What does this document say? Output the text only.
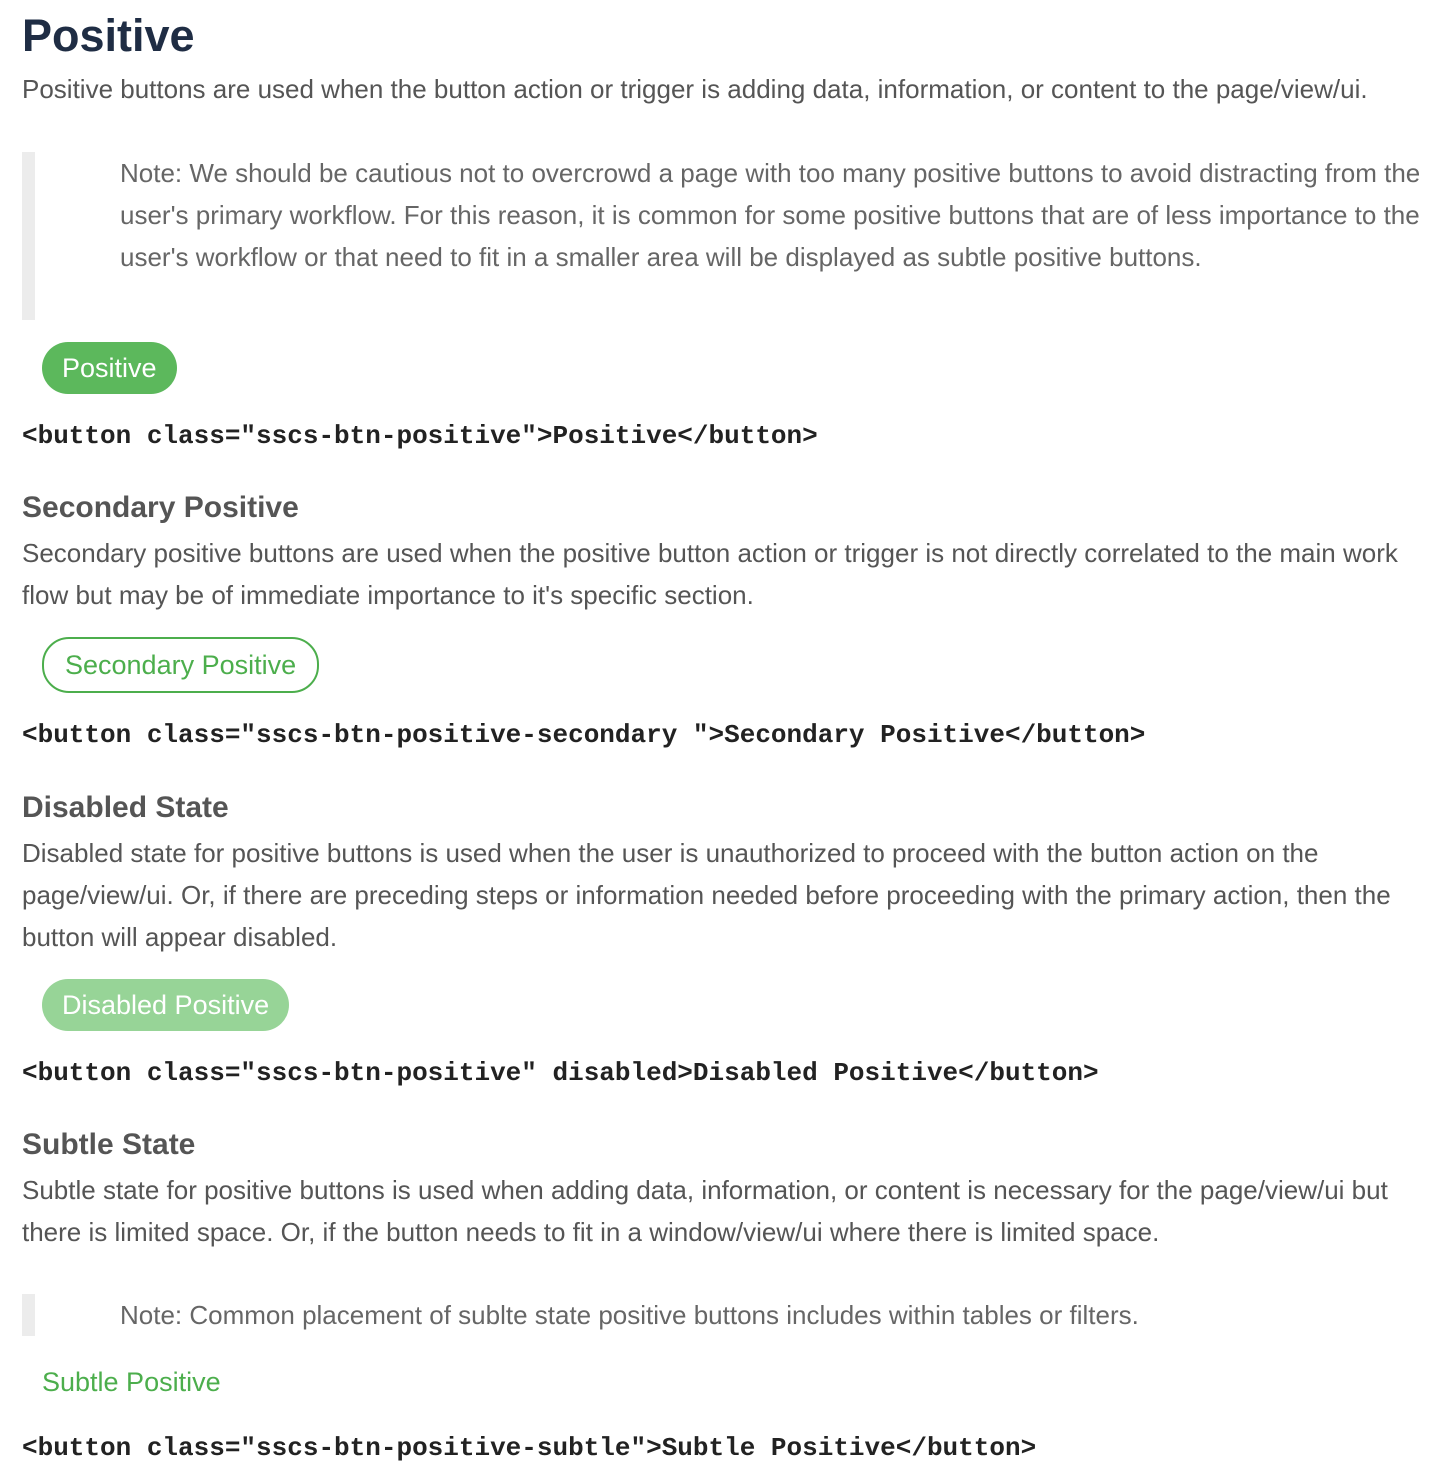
Positive

Positive buttons are used when the button action or trigger is adding data, information, or content to the page/view/ui.

Note: We should be cautious not to overcrowd a page with too many positive buttons to avoid distracting from the user's primary workflow. For this reason, it is common for some positive buttons that are of less importance to the user's workflow or that need to fit in a smaller area will be displayed as subtle positive buttons.
Positive
<button class="sscs-btn-positive">Positive</button>
Secondary Positive

Secondary positive buttons are used when the positive button action or trigger is not directly correlated to the main work flow but may be of immediate importance to it's specific section.

Secondary Positive
<button class="sscs-btn-positive-secondary ">Secondary Positive</button>
Disabled State

Disabled state for positive buttons is used when the user is unauthorized to proceed with the button action on the page/view/ui. Or, if there are preceding steps or information needed before proceeding with the primary action, then the button will appear disabled.

Disabled Positive
<button class="sscs-btn-positive" disabled>Disabled Positive</button>
Subtle State

Subtle state for positive buttons is used when adding data, information, or content is necessary for the page/view/ui but there is limited space. Or, if the button needs to fit in a window/view/ui where there is limited space.

Note: Common placement of sublte state positive buttons includes within tables or filters.
Subtle Positive
<button class="sscs-btn-positive-subtle">Subtle Positive</button>
